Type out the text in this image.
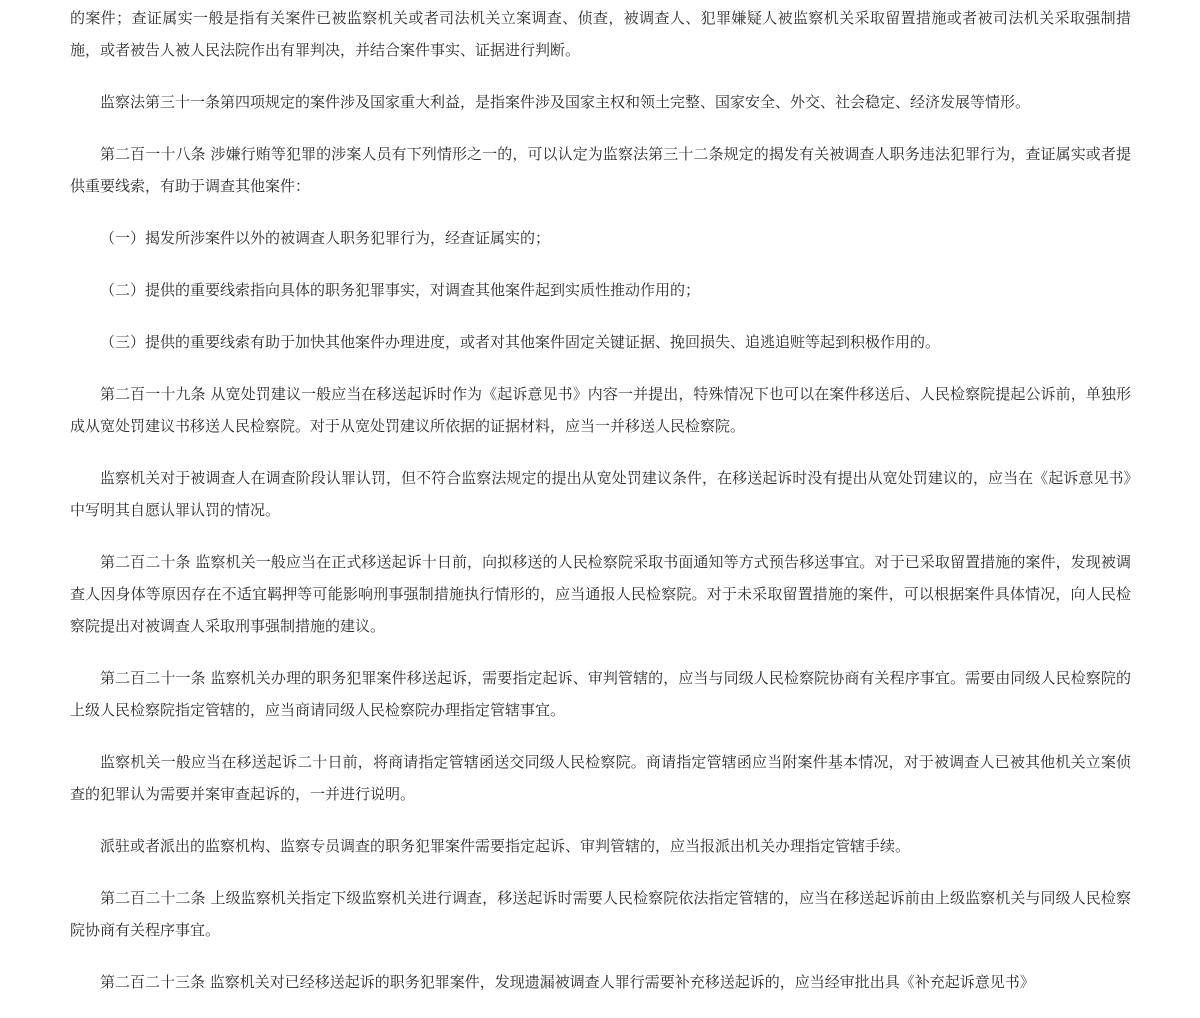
的案件；查证属实一般是指有关案件已被监察机关或者司法机关立案调查、侦查，被调查人、犯罪嫌疑人被监察机关采取留置措施或者被司法机关采取强制措施，或者被告人被人民法院作出有罪判决，并结合案件事实、证据进行判断。

监察法第三十一条第四项规定的案件涉及国家重大利益，是指案件涉及国家主权和领土完整、国家安全、外交、社会稳定、经济发展等情形。

第二百一十八条 涉嫌行贿等犯罪的涉案人员有下列情形之一的，可以认定为监察法第三十二条规定的揭发有关被调查人职务违法犯罪行为，查证属实或者提供重要线索，有助于调查其他案件：

（一）揭发所涉案件以外的被调查人职务犯罪行为，经查证属实的；

（二）提供的重要线索指向具体的职务犯罪事实，对调查其他案件起到实质性推动作用的；

（三）提供的重要线索有助于加快其他案件办理进度，或者对其他案件固定关键证据、挽回损失、追逃追赃等起到积极作用的。

第二百一十九条 从宽处罚建议一般应当在移送起诉时作为《起诉意见书》内容一并提出，特殊情况下也可以在案件移送后、人民检察院提起公诉前，单独形成从宽处罚建议书移送人民检察院。对于从宽处罚建议所依据的证据材料，应当一并移送人民检察院。

监察机关对于被调查人在调查阶段认罪认罚，但不符合监察法规定的提出从宽处罚建议条件，在移送起诉时没有提出从宽处罚建议的，应当在《起诉意见书》中写明其自愿认罪认罚的情况。

第二百二十条 监察机关一般应当在正式移送起诉十日前，向拟移送的人民检察院采取书面通知等方式预告移送事宜。对于已采取留置措施的案件，发现被调查人因身体等原因存在不适宜羁押等可能影响刑事强制措施执行情形的，应当通报人民检察院。对于未采取留置措施的案件，可以根据案件具体情况，向人民检察院提出对被调查人采取刑事强制措施的建议。

第二百二十一条 监察机关办理的职务犯罪案件移送起诉，需要指定起诉、审判管辖的，应当与同级人民检察院协商有关程序事宜。需要由同级人民检察院的上级人民检察院指定管辖的，应当商请同级人民检察院办理指定管辖事宜。

监察机关一般应当在移送起诉二十日前，将商请指定管辖函送交同级人民检察院。商请指定管辖函应当附案件基本情况，对于被调查人已被其他机关立案侦查的犯罪认为需要并案审查起诉的，一并进行说明。

派驻或者派出的监察机构、监察专员调查的职务犯罪案件需要指定起诉、审判管辖的，应当报派出机关办理指定管辖手续。

第二百二十二条 上级监察机关指定下级监察机关进行调查，移送起诉时需要人民检察院依法指定管辖的，应当在移送起诉前由上级监察机关与同级人民检察院协商有关程序事宜。

第二百二十三条 监察机关对已经移送起诉的职务犯罪案件，发现遗漏被调查人罪行需要补充移送起诉的，应当经审批出具《补充起诉意见书》
